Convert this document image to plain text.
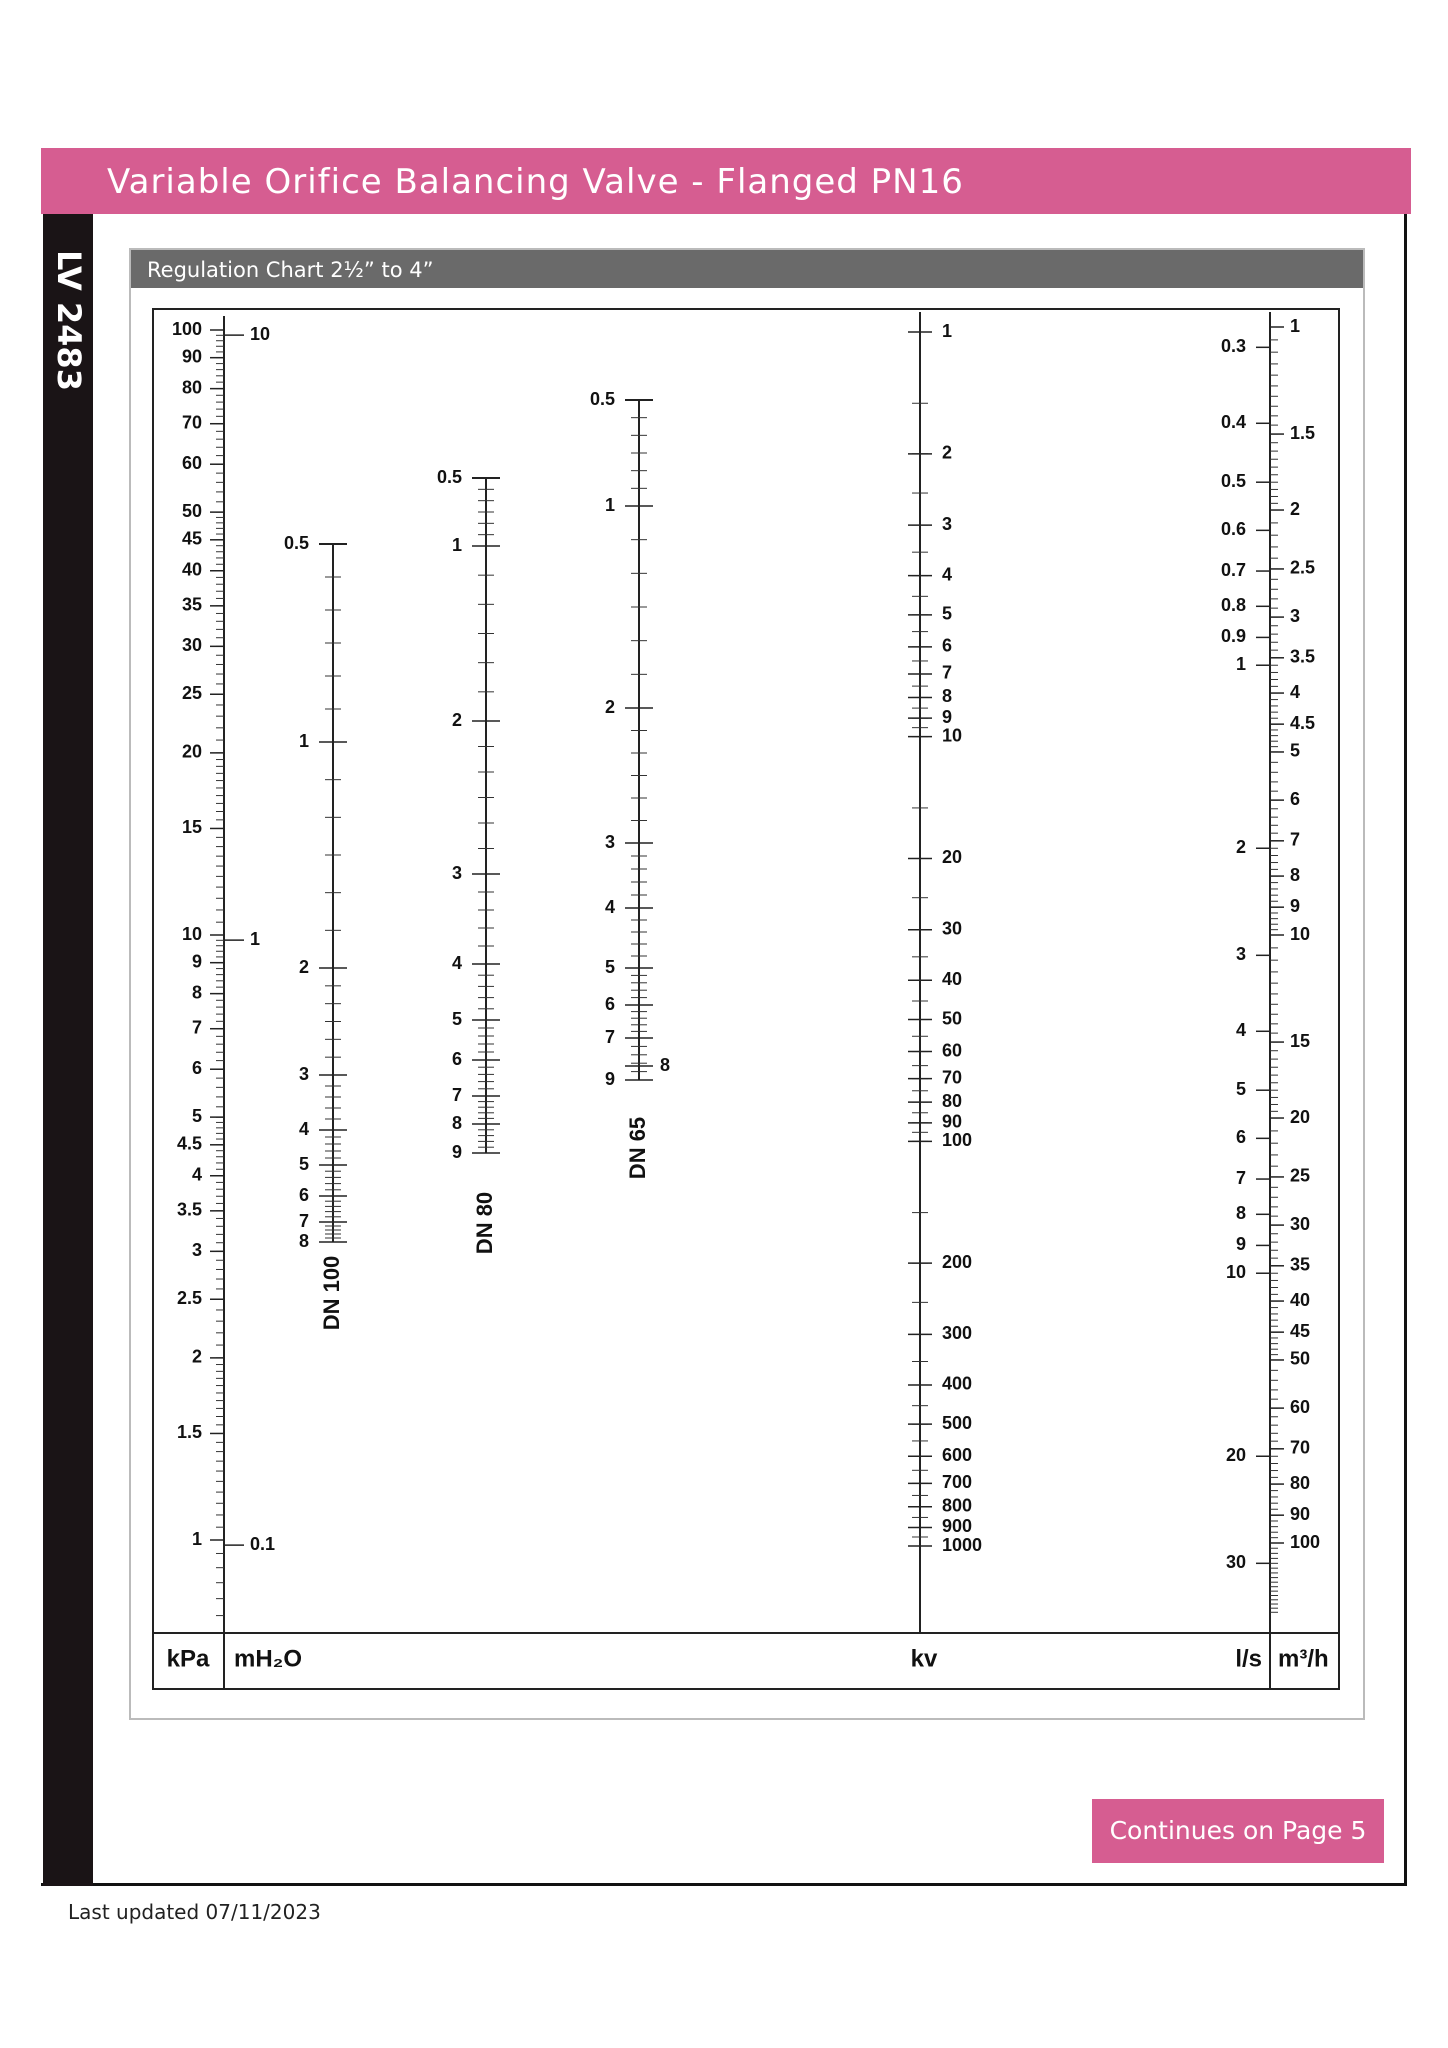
Variable Orifice Balancing Valve - Flanged PN16
LV 2483	Regulation Chart 2½” to 4”
1
1.5
2
2.5
3
3.5
4
4.5
5
6
7
8
9
10
15
20
25
30
35
40
45
50
60
70
80
90
100
0.1
1
10
0.5
1
2
3
4
5
6
7
8
DN 100
0.5
1
2
3
4
5
6
7
8
9
DN 80
0.5
1
2
3
4
5
6
7
9
DN 65
8
1
2
3
4
5
6
7
8
9
10
20
30
40
50
60
70
80
90
100
200
300
400
500
600
700
800
900
1000
1
1.5
2
2.5
3
3.5
4
4.5
5
6
7
8
9
10
15
20
25
30
35
40
45
50
60
70
80
90
100
0.3
0.4
0.5
0.6
0.7
0.8
0.9
1
2
3
4
5
6
7
8
9
10
20
30
kPa mH₂O	kv	l/s m³/h
Continues on Page 5
Last updated 07/11/2023
